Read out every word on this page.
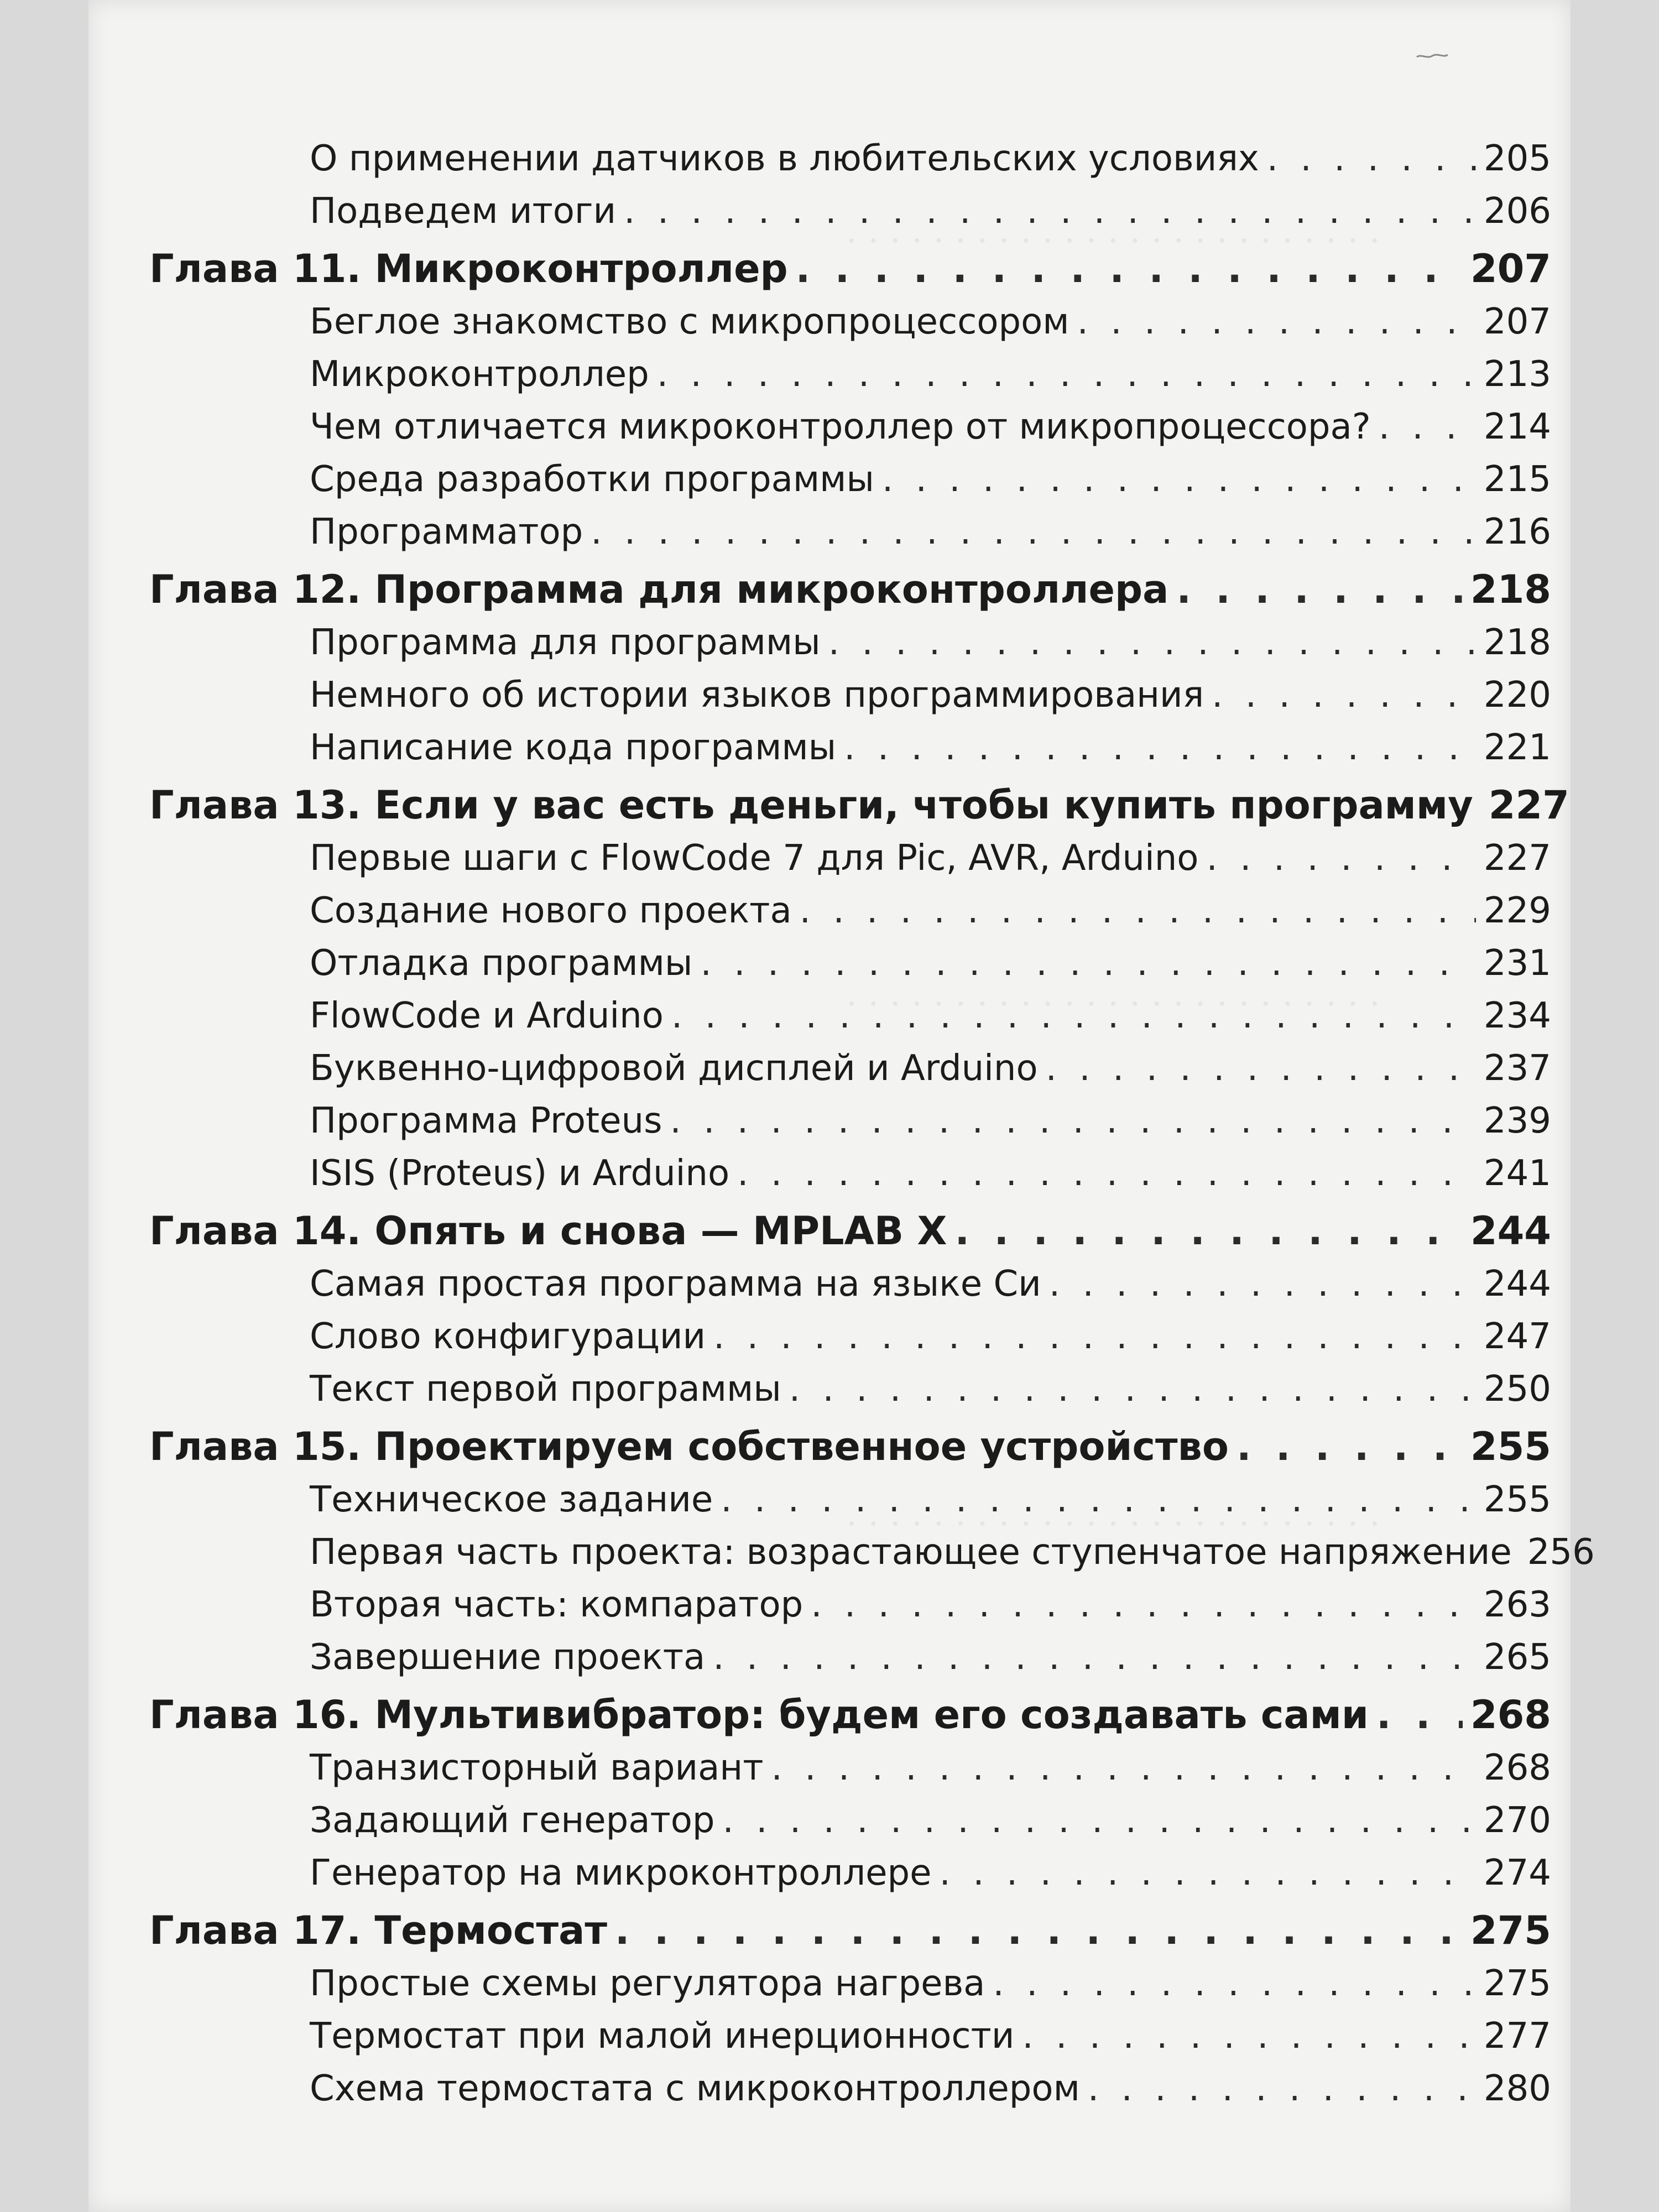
. . . . . . . . . . . . . . . . . . . . . . . . .
. . . . . . . . . . . . . . . . . . . . . . . . .
. . . . . . . . . . . . . . . . . . . . . . . . .
О применении датчиков в любительских условиях . . .	205
Подведем итоги . . .	206
Глава 11. Микроконтроллер . . .	207
Беглое знакомство с микропроцессором . . .	207
Микроконтроллер . . .	213
Чем отличается микроконтроллер от микропроцессора? . . .	214
Среда разработки программы . . .	215
Программатор . . .	216
Глава 12. Программа для микроконтроллера . . .	218
Программа для программы . . .	218
Немного об истории языков программирования . . .	220
Написание кода программы . . .	221
Глава 13. Если у вас есть деньги, чтобы купить программу 227
Первые шаги с FlowCode 7 для Pic, AVR, Arduino . . .	227
Создание нового проекта . . .	229
Отладка программы . . .	231
FlowCode и Arduino . . .	234
Буквенно-цифровой дисплей и Arduino . . .	237
Программа Proteus . . .	239
ISIS (Proteus) и Arduino . . .	241
Глава 14. Опять и снова — MPLAB X . . .	244
Самая простая программа на языке Си . . .	244
Слово конфигурации . . .	247
Текст первой программы . . .	250
Глава 15. Проектируем собственное устройство . . .	255
Техническое задание . . .	255
Первая часть проекта: возрастающее ступенчатое напряжение 256
Вторая часть: компаратор . . .	263
Завершение проекта . . .	265
Глава 16. Мультивибратор: будем его создавать сами . . .	268
Транзисторный вариант . . .	268
Задающий генератор . . .	270
Генератор на микроконтроллере . . .	274
Глава 17. Термостат . . .	275
Простые схемы регулятора нагрева . . .	275
Термостат при малой инерционности . . .	277
Схема термостата с микроконтроллером . . .	280
